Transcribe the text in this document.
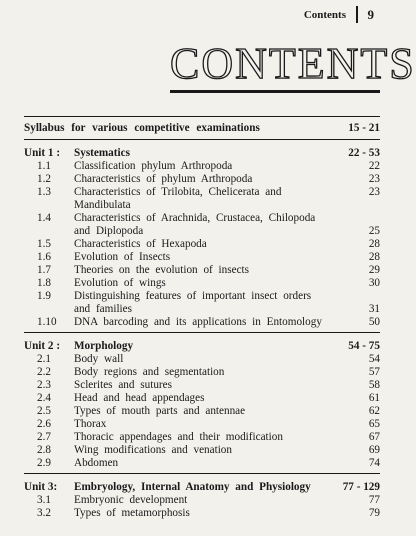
Contents	9
CONTENTS
Syllabus for various competitive examinations	15 - 21
Unit 1 :	Systematics	22 - 53
1.1	Classification phylum Arthropoda	22
1.2	Characteristics of phylum Arthropoda	23
1.3	Characteristics of Trilobita, Chelicerata and Mandibulata
23
1.4	Characteristics of Arachnida, Crustacea, Chilopoda
and Diplopoda	25
1.5	Characteristics of Hexapoda	28
1.6	Evolution of Insects	28
1.7	Theories on the evolution of insects	29
1.8	Evolution of wings	30
1.9	Distinguishing features of important insect orders
and families	31
1.10	DNA barcoding and its applications in Entomology	50
Unit 2 :	Morphology	54 - 75
2.1	Body wall	54
2.2	Body regions and segmentation	57
2.3	Sclerites and sutures	58
2.4	Head and head appendages	61
2.5	Types of mouth parts and antennae	62
2.6	Thorax	65
2.7	Thoracic appendages and their modification	67
2.8	Wing modifications and venation	69
2.9	Abdomen	74
Unit 3:	Embryology, Internal Anatomy and Physiology	77 - 129
3.1	Embryonic development	77
3.2	Types of metamorphosis	79
